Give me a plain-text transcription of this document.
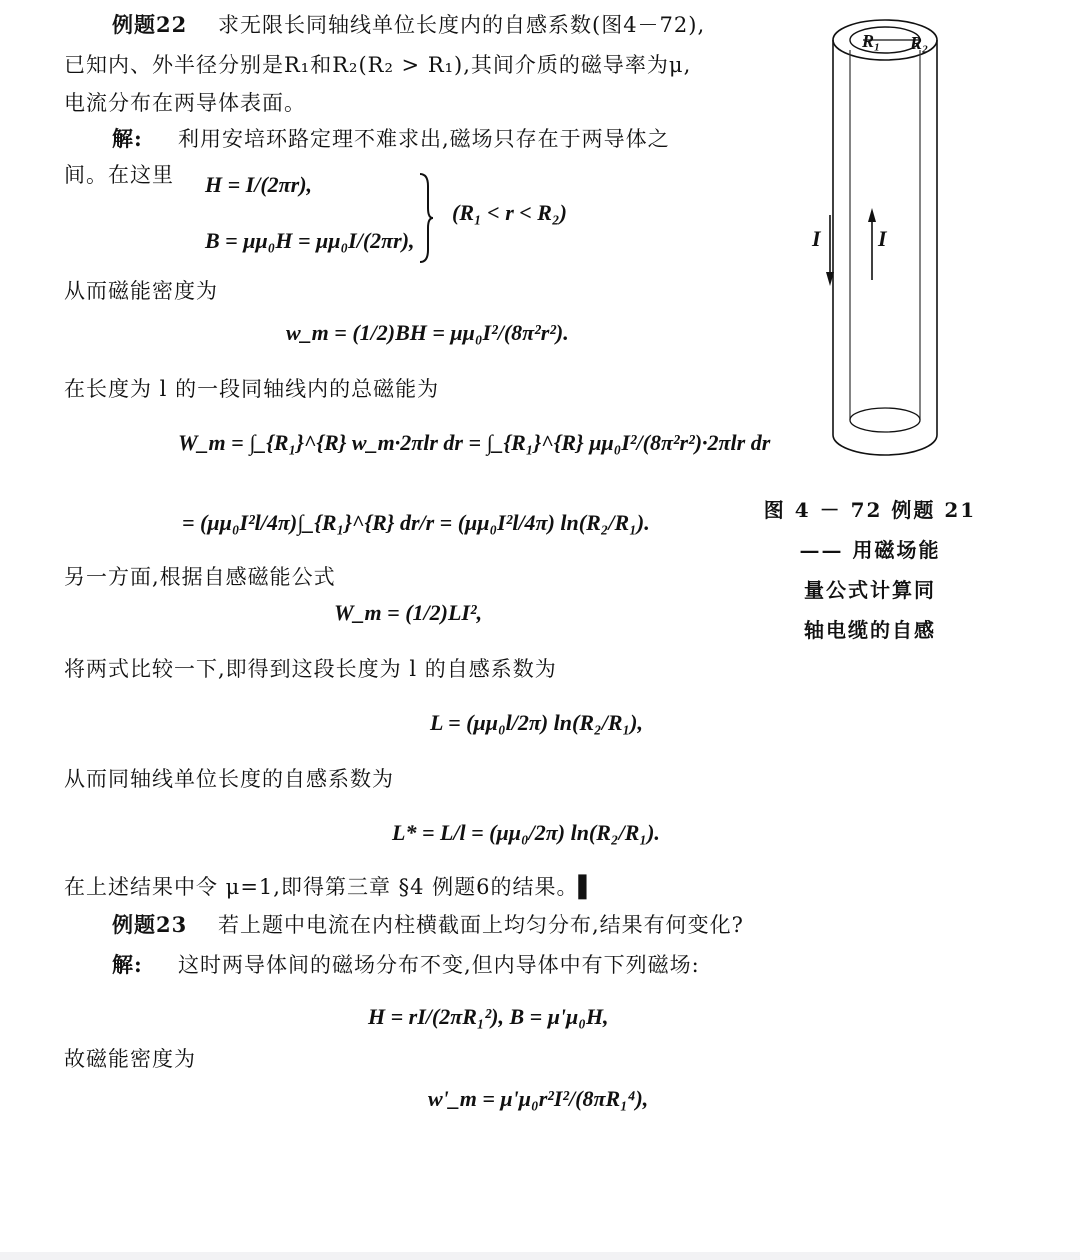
例题22 求无限长同轴线单位长度内的自感系数(图4－72),
已知内、外半径分别是R₁和R₂(R₂ > R₁),其间介质的磁导率为μ,
电流分布在两导体表面。
解: 利用安培环路定理不难求出,磁场只存在于两导体之
间。在这里 H = I/(2πr),
B = μμ₀H = μμ₀I/(2πr),
(R₁ < r < R₂)
从而磁能密度为
w_m = (1/2)BH = μμ₀I²/(8π²r²).
在长度为 l 的一段同轴线内的总磁能为
W_m = ∫_{R₁}^{R} w_m·2πlr dr = ∫_{R₁}^{R} μμ₀I²/(8π²r²)·2πlr dr
= (μμ₀I²l/4π)∫_{R₁}^{R} dr/r = (μμ₀I²l/4π) ln(R₂/R₁).
另一方面,根据自感磁能公式
W_m = (1/2)LI²,
将两式比较一下,即得到这段长度为 l 的自感系数为
L = (μμ₀l/2π) ln(R₂/R₁),
从而同轴线单位长度的自感系数为
L* = L/l = (μμ₀/2π) ln(R₂/R₁).
在上述结果中令 μ=1,即得第三章 §4 例题6的结果。▌
例题23 若上题中电流在内柱横截面上均匀分布,结果有何变化?
解: 这时两导体间的磁场分布不变,但内导体中有下列磁场:
H = rI/(2πR₁²), B = μ'μ₀H,
故磁能密度为
w'_m = μ'μ₀r²I²/(8πR₁⁴),
R₁ R₂
I	I
图 4 － 72 例题 21
—— 用磁场能
量公式计算同
轴电缆的自感
